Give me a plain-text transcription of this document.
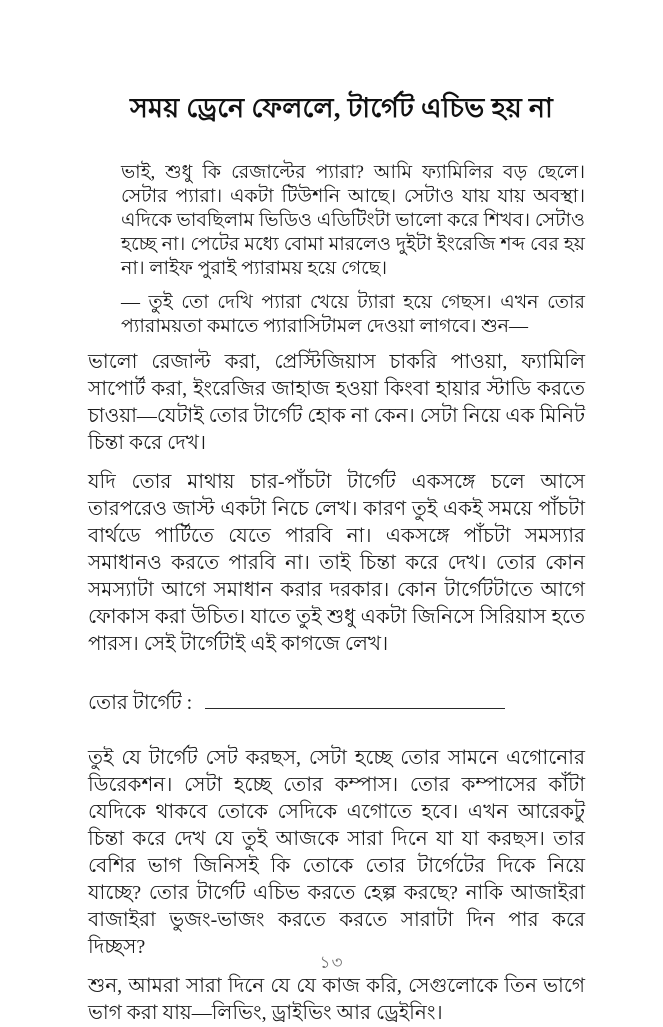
সময় ড্রেনে ফেললে, টার্গেট এচিভ হয় না

ভাই, শুধু কি রেজাল্টের প্যারা? আমি ফ্যামিলির বড় ছেলে। সেটার প্যারা। একটা টিউশনি আছে। সেটাও যায় যায় অবস্থা। এদিকে ভাবছিলাম ভিডিও এডিটিংটা ভালো করে শিখব। সেটাও হচ্ছে না। পেটের মধ্যে বোমা মারলেও দুইটা ইংরেজি শব্দ বের হয় না। লাইফ পুরাই প্যারাময় হয়ে গেছে।

— তুই তো দেখি প্যারা খেয়ে ট্যারা হয়ে গেছস। এখন তোর প্যারাময়তা কমাতে প্যারাসিটামল দেওয়া লাগবে। শুন—

ভালো রেজাল্ট করা, প্রেস্টিজিয়াস চাকরি পাওয়া, ফ্যামিলি সাপোর্ট করা, ইংরেজির জাহাজ হওয়া কিংবা হায়ার স্টাডি করতে চাওয়া—যেটাই তোর টার্গেট হোক না কেন। সেটা নিয়ে এক মিনিট চিন্তা করে দেখ।

যদি তোর মাথায় চার-পাঁচটা টার্গেট একসঙ্গে চলে আসে তারপরেও জাস্ট একটা নিচে লেখ। কারণ তুই একই সময়ে পাঁচটা বার্থডে পার্টিতে যেতে পারবি না। একসঙ্গে পাঁচটা সমস্যার সমাধানও করতে পারবি না। তাই চিন্তা করে দেখ। তোর কোন সমস্যাটা আগে সমাধান করার দরকার। কোন টার্গেটটাতে আগে ফোকাস করা উচিত। যাতে তুই শুধু একটা জিনিসে সিরিয়াস হতে পারস। সেই টার্গেটাই এই কাগজে লেখ।

তোর টার্গেট :

তুই যে টার্গেট সেট করছস, সেটা হচ্ছে তোর সামনে এগোনোর ডিরেকশন। সেটা হচ্ছে তোর কম্পাস। তোর কম্পাসের কাঁটা যেদিকে থাকবে তোকে সেদিকে এগোতে হবে। এখন আরেকটু চিন্তা করে দেখ যে তুই আজকে সারা দিনে যা যা করছস। তার বেশির ভাগ জিনিসই কি তোকে তোর টার্গেটের দিকে নিয়ে যাচ্ছে? তোর টার্গেট এচিভ করতে হেল্প করছে? নাকি আজাইরা বাজাইরা ভুজং-ভাজং করতে করতে সারাটা দিন পার করে দিচ্ছস?

শুন, আমরা সারা দিনে যে যে কাজ করি, সেগুলোকে তিন ভাগে ভাগ করা যায়—লিভিং, ড্রাইভিং আর ড্রেইনিং।

১৩
